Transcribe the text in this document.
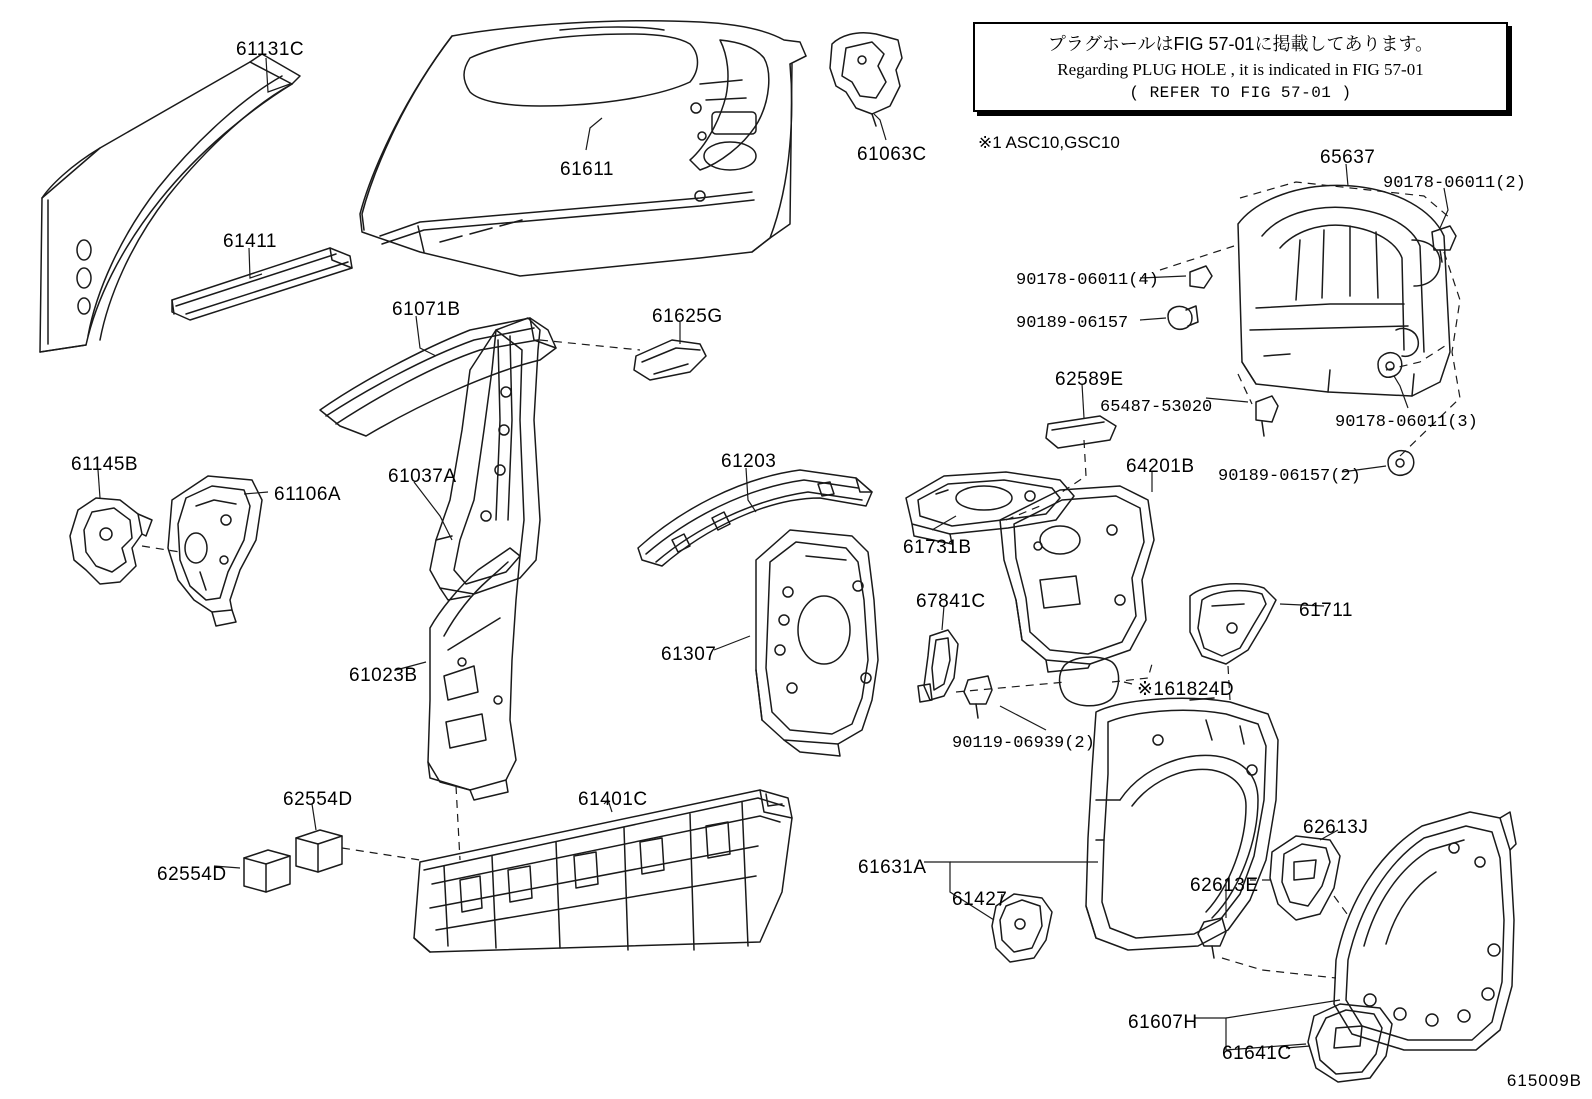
プラグホールはFIG 57-01に掲載してあります。
Regarding PLUG HOLE , it is indicated in FIG 57-01
( REFER TO FIG 57-01 )
※1 ASC10,GSC10
615009B
61131C
61611
61063C
61411
61071B	61625G
61037A
61145B
61106A
61203
61731B
64201B
65637
90178-06011(2)
90178-06011(4)
90189-06157
90178-06011(3)
90189-06157(2)
62589E
65487-53020
61711
67841C
61307
61023B
※161824D
90119-06939(2)
62554D	61401C
62613J
62554D	61631A
62613E
61427
61607H
61641C
